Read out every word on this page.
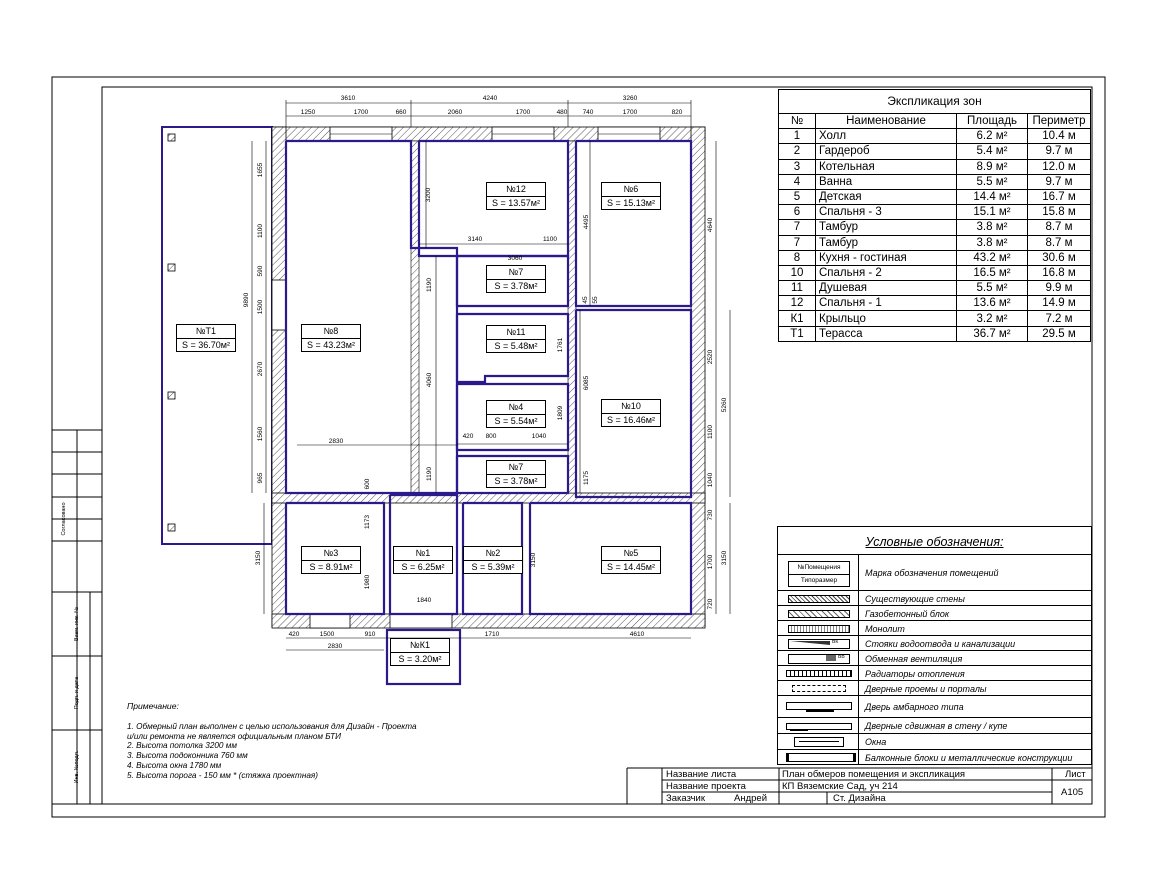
3610	4240	3260
1250	1700	660	2060	1700	480 740	1700	820
9890
1655
1100
590
1500
2670
1560
965
3150
4640
2520
1100
1040
730
1700
720
5260
3150
420	1500	910	1710	4610
2830
3200
3140	1100
3060
4495
1190
4060
1761
1809
420 800	1040
6085
1175
1190
600
1173
1980
1840
2830
3150
45 55
№Т1
S = 36.70м²
№8
S = 43.23м²
№12
S = 13.57м²
№6
S = 15.13м²
№7
S = 3.78м²
№11
S = 5.48м²
№4
S = 5.54м²
№10
S = 16.46м²
№7
S = 3.78м²
№3
S = 8.91м²
№1
S = 6.25м²
№2
S = 5.39м²
№5
S = 14.45м²
№К1
S = 3.20м²
Экспликация зон
№	Наименование	Площадь	Периметр
1	Холл	6.2 м²	10.4 м
2	Гардероб	5.4 м²	9.7 м
3	Котельная	8.9 м²	12.0 м
4	Ванна	5.5 м²	9.7 м
5	Детская	14.4 м²	16.7 м
6	Спальня - 3	15.1 м²	15.8 м
7	Тамбур	3.8 м²	8.7 м
7	Тамбур	3.8 м²	8.7 м
8	Кухня - гостиная	43.2 м²	30.6 м
10	Спальня - 2	16.5 м²	16.8 м
11	Душевая	5.5 м²	9.9 м
12	Спальня - 1	13.6 м²	14.9 м
К1	Крыльцо	3.2 м²	7.2 м
Т1	Терасса	36.7 м²	29.5 м
Условные обозначения:
№Помещения
Типоразмер
Марка обозначения помещений
Существующие стены
Газобетонный блок
Монолит
ВК	Стояки водоотвода и канализации
ВВ Обменная вентиляция
Радиаторы отопления
Дверные проемы и порталы
Дверь амбарного типа
Дверные сдвижная в стену / купе
Окна
Балконные блоки и металлические конструкции
Название листа	План обмеров помещения и экспликация
Название проекта	КП Вяземские Сад, уч 214
Заказчик	Андрей	Ст. Дизайна
Лист
А105
Согласовано
Взам. инв. №
Подп. и дата
Инв. №подл.
Примечание:
1. Обмерный план выполнен с целью использования для Дизайн - Проекта
и/или ремонта не является официальным планом БТИ
2. Высота потолка 3200 мм
3. Высота подоконника 760 мм
4. Высота окна 1780 мм
5. Высота порога - 150 мм * (стяжка проектная)
